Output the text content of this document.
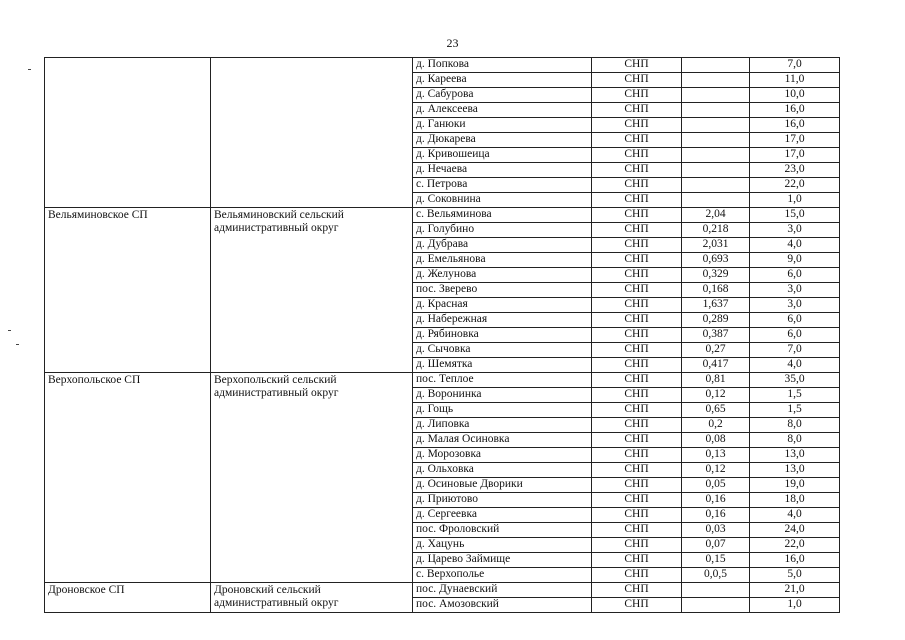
23
		д. Попкова	СНП		7,0
		д. Кареева	СНП		11,0
		д. Сабурова	СНП		10,0
		д. Алексеева	СНП		16,0
		д. Ганюки	СНП		16,0
		д. Дюкарева	СНП		17,0
		д. Кривошеица	СНП		17,0
		д. Нечаева	СНП		23,0
		с. Петрова	СНП		22,0
		д. Соковнина	СНП		1,0
Вельяминовское СП	Вельяминовский сельский административный округ	с. Вельяминова	СНП	2,04	15,0
		д. Голубино	СНП	0,218	3,0
		д. Дубрава	СНП	2,031	4,0
		д. Емельянова	СНП	0,693	9,0
		д. Желунова	СНП	0,329	6,0
		пос. Зверево	СНП	0,168	3,0
		д. Красная	СНП	1,637	3,0
		д. Набережная	СНП	0,289	6,0
		д. Рябиновка	СНП	0,387	6,0
		д. Сычовка	СНП	0,27	7,0
		д. Шемятка	СНП	0,417	4,0
Верхопольское СП	Верхопольский сельский административный округ	пос. Теплое	СНП	0,81	35,0
		д. Воронинка	СНП	0,12	1,5
		д. Гощь	СНП	0,65	1,5
		д. Липовка	СНП	0,2	8,0
		д. Малая Осиновка	СНП	0,08	8,0
		д. Морозовка	СНП	0,13	13,0
		д. Ольховка	СНП	0,12	13,0
		д. Осиновые Дворики	СНП	0,05	19,0
		д. Приютово	СНП	0,16	18,0
		д. Сергеевка	СНП	0,16	4,0
		пос. Фроловский	СНП	0,03	24,0
		д. Хацунь	СНП	0,07	22,0
		д. Царево Займище	СНП	0,15	16,0
		с. Верхополье	СНП	0,0,5	5,0
Дроновское СП	Дроновский сельский административный округ	пос. Дунаевский	СНП		21,0
		пос. Амозовский	СНП		1,0
